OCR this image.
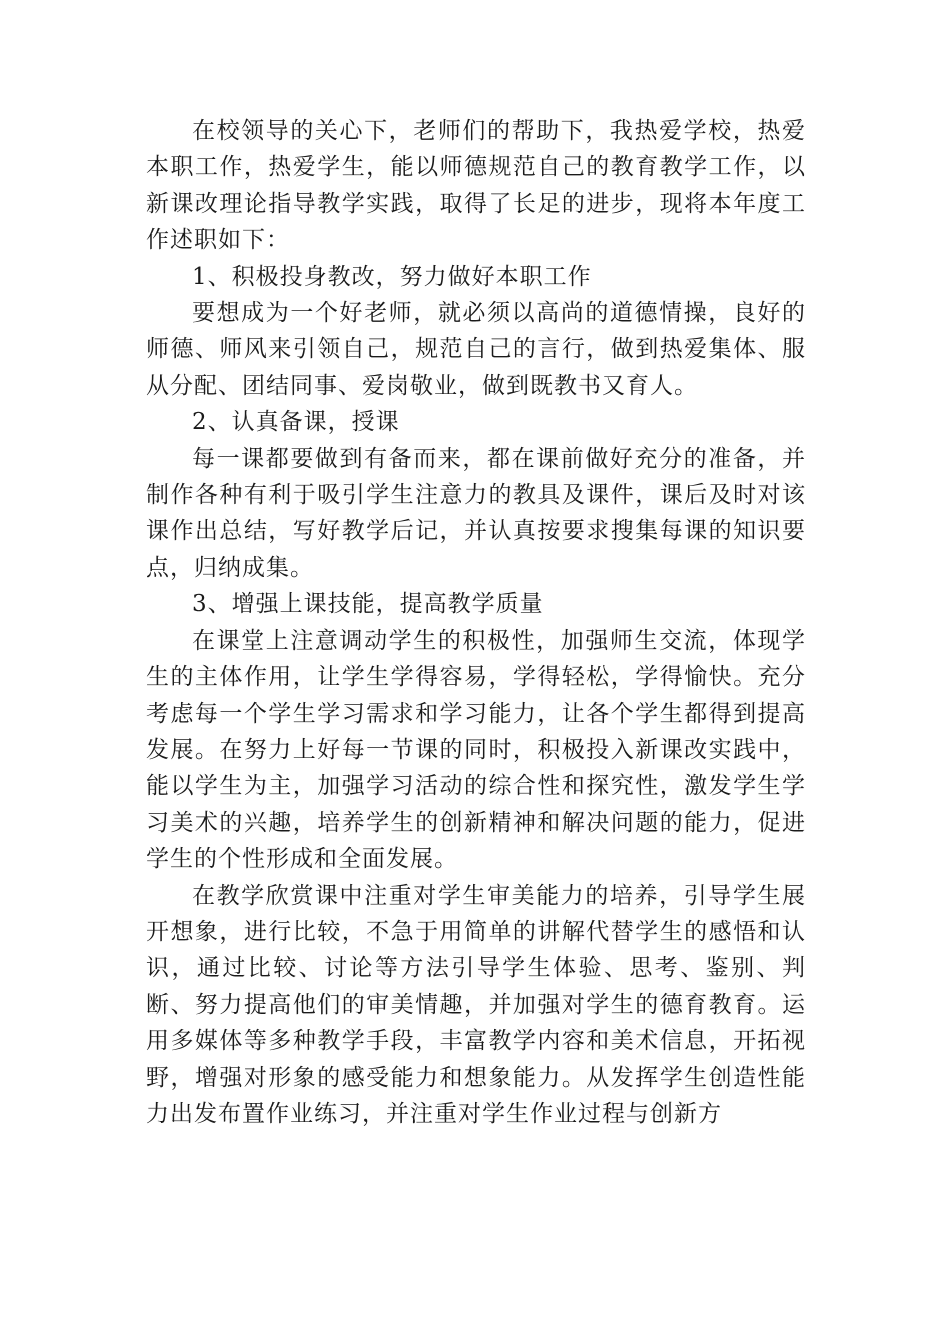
在校领导的关心下，老师们的帮助下，我热爱学校，热爱本职工作，热爱学生，能以师德规范自己的教育教学工作，以新课改理论指导教学实践，取得了长足的进步，现将本年度工作述职如下：

1、积极投身教改，努力做好本职工作

要想成为一个好老师，就必须以高尚的道德情操，良好的师德、师风来引领自己，规范自己的言行，做到热爱集体、服从分配、团结同事、爱岗敬业，做到既教书又育人。

2、认真备课，授课

每一课都要做到有备而来，都在课前做好充分的准备，并制作各种有利于吸引学生注意力的教具及课件，课后及时对该课作出总结，写好教学后记，并认真按要求搜集每课的知识要点，归纳成集。

3、增强上课技能，提高教学质量

在课堂上注意调动学生的积极性，加强师生交流，体现学生的主体作用，让学生学得容易，学得轻松，学得愉快。充分考虑每一个学生学习需求和学习能力，让各个学生都得到提高发展。在努力上好每一节课的同时，积极投入新课改实践中，能以学生为主，加强学习活动的综合性和探究性，激发学生学习美术的兴趣，培养学生的创新精神和解决问题的能力，促进学生的个性形成和全面发展。

在教学欣赏课中注重对学生审美能力的培养，引导学生展开想象，进行比较，不急于用简单的讲解代替学生的感悟和认识，通过比较、讨论等方法引导学生体验、思考、鉴别、判断、努力提高他们的审美情趣，并加强对学生的德育教育。运用多媒体等多种教学手段，丰富教学内容和美术信息，开拓视野，增强对形象的感受能力和想象能力。从发挥学生创造性能力出发布置作业练习，并注重对学生作业过程与创新方
